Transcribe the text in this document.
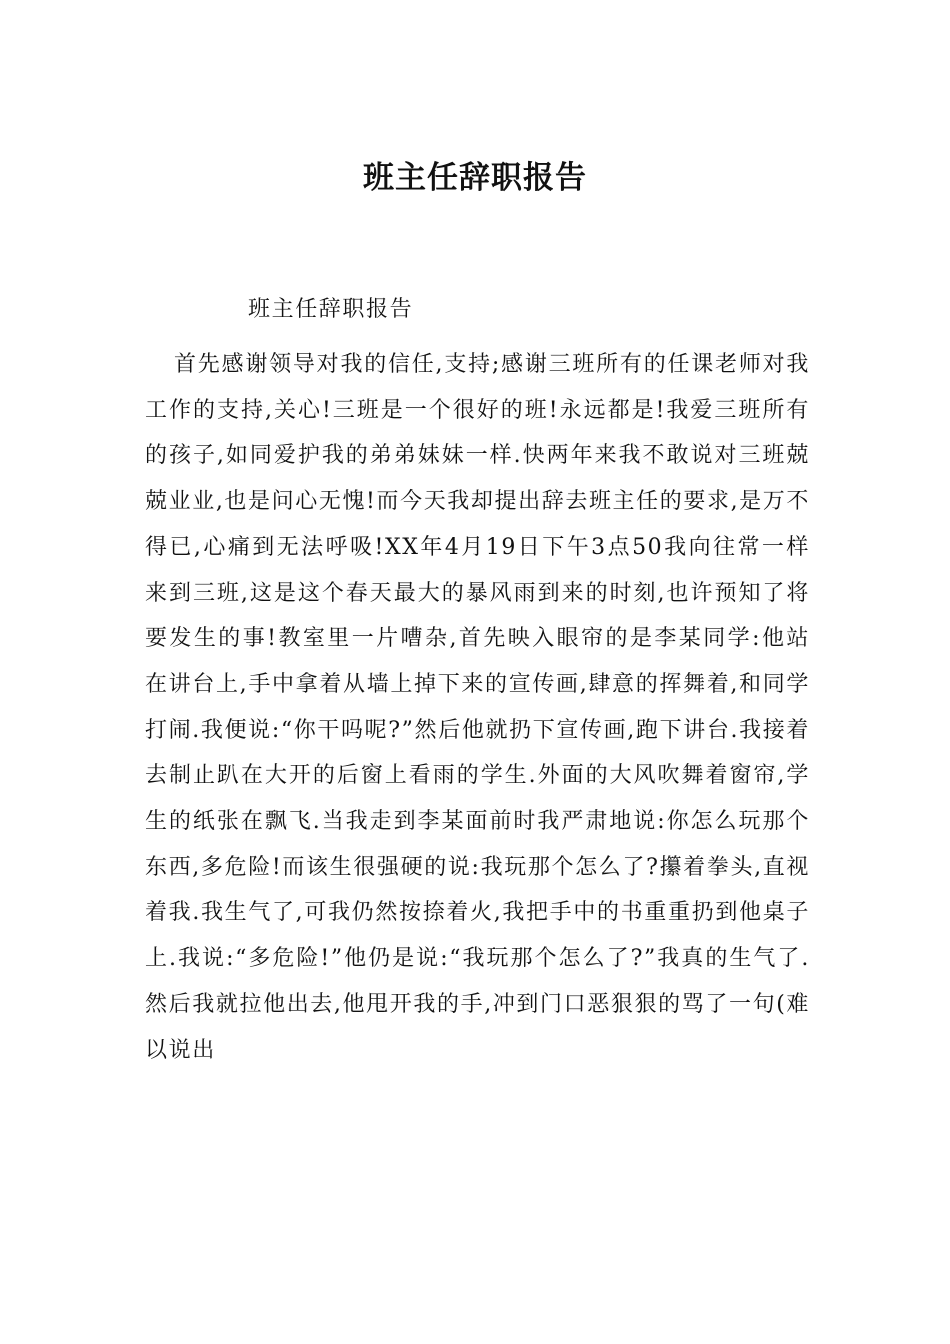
班主任辞职报告

班主任辞职报告

首先感谢领导对我的信任,支持;感谢三班所有的任课老师对我工作的支持,关心!三班是一个很好的班!永远都是!我爱三班所有的孩子,如同爱护我的弟弟妹妹一样.快两年来我不敢说对三班兢兢业业,也是问心无愧!而今天我却提出辞去班主任的要求,是万不得已,心痛到无法呼吸!XX年4月19日下午3点50我向往常一样来到三班,这是这个春天最大的暴风雨到来的时刻,也许预知了将要发生的事!教室里一片嘈杂,首先映入眼帘的是李某同学:他站在讲台上,手中拿着从墙上掉下来的宣传画,肆意的挥舞着,和同学打闹.我便说:“你干吗呢?”然后他就扔下宣传画,跑下讲台.我接着去制止趴在大开的后窗上看雨的学生.外面的大风吹舞着窗帘,学生的纸张在飘飞.当我走到李某面前时我严肃地说:你怎么玩那个东西,多危险!而该生很强硬的说:我玩那个怎么了?攥着拳头,直视着我.我生气了,可我仍然按捺着火,我把手中的书重重扔到他桌子上.我说:“多危险!”他仍是说:“我玩那个怎么了?”我真的生气了.然后我就拉他出去,他甩开我的手,冲到门口恶狠狠的骂了一句(难以说出
